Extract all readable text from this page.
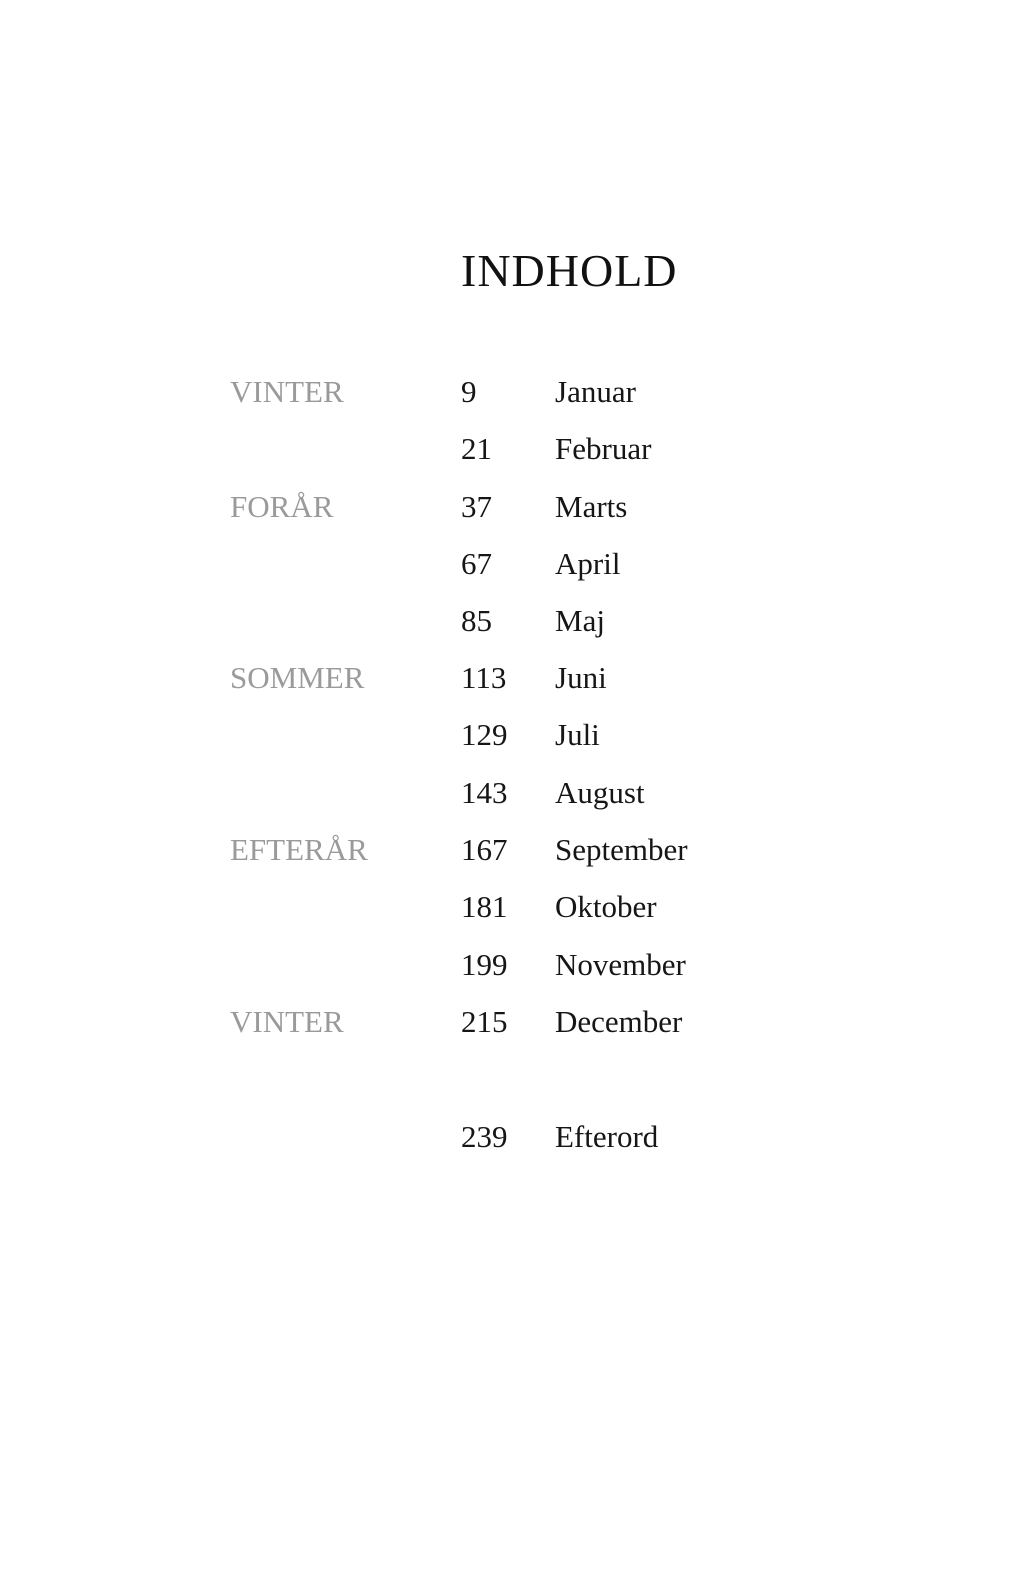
INDHOLD
VINTER	9	Januar
21 Februar
FORÅR	37 Marts
67 April
85 Maj
SOMMER	113 Juni
129 Juli
143 August
EFTERÅR	167 September
181 Oktober
199 November
VINTER	215 December
239 Efterord
